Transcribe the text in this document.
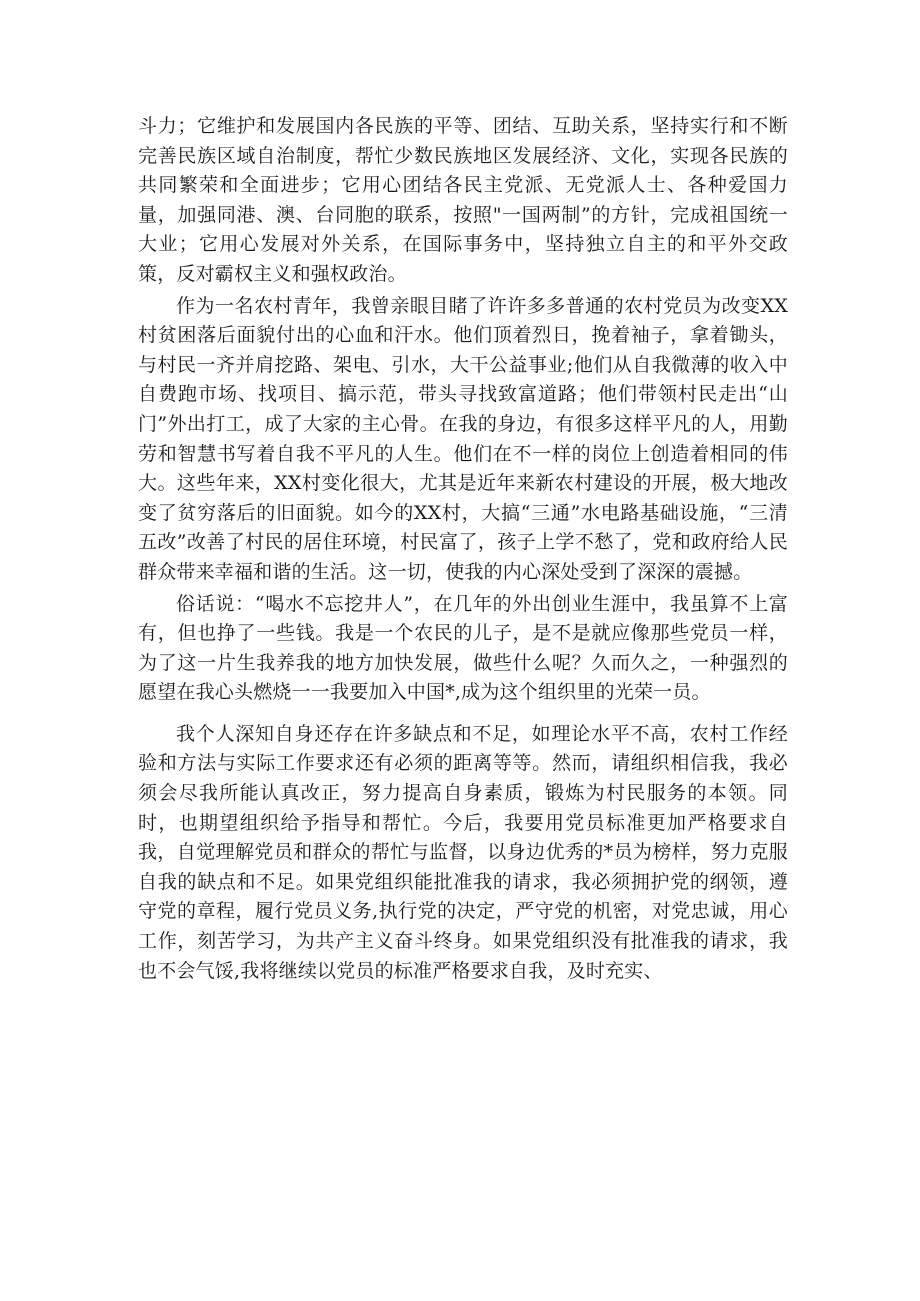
斗力；它维护和发展国内各民族的平等、团结、互助关系，坚持实行和不断完善民族区域自治制度，帮忙少数民族地区发展经济、文化，实现各民族的共同繁荣和全面进步；它用心团结各民主党派、无党派人士、各种爱国力量，加强同港、澳、台同胞的联系，按照"一国两制”的方针，完成祖国统一大业；它用心发展对外关系，在国际事务中，坚持独立自主的和平外交政策，反对霸权主义和强权政治。

作为一名农村青年，我曾亲眼目睹了许许多多普通的农村党员为改变XX村贫困落后面貌付出的心血和汗水。他们顶着烈日，挽着袖子，拿着锄头，与村民一齐并肩挖路、架电、引水，大干公益事业;他们从自我微薄的收入中自费跑市场、找项目、搞示范，带头寻找致富道路；他们带领村民走出“山门”外出打工，成了大家的主心骨。在我的身边，有很多这样平凡的人，用勤劳和智慧书写着自我不平凡的人生。他们在不一样的岗位上创造着相同的伟大。这些年来，XX村变化很大，尤其是近年来新农村建设的开展，极大地改变了贫穷落后的旧面貌。如今的XX村，大搞“三通”水电路基础设施，“三清五改”改善了村民的居住环境，村民富了，孩子上学不愁了，党和政府给人民群众带来幸福和谐的生活。这一切，使我的内心深处受到了深深的震撼。

俗话说：“喝水不忘挖井人”，在几年的外出创业生涯中，我虽算不上富有，但也挣了一些钱。我是一个农民的儿子，是不是就应像那些党员一样，为了这一片生我养我的地方加快发展，做些什么呢？久而久之，一种强烈的愿望在我心头燃烧一一我要加入中国*,成为这个组织里的光荣一员。

我个人深知自身还存在许多缺点和不足，如理论水平不高，农村工作经验和方法与实际工作要求还有必须的距离等等。然而，请组织相信我，我必须会尽我所能认真改正，努力提高自身素质，锻炼为村民服务的本领。同时，也期望组织给予指导和帮忙。今后，我要用党员标准更加严格要求自我，自觉理解党员和群众的帮忙与监督，以身边优秀的*员为榜样，努力克服自我的缺点和不足。如果党组织能批准我的请求，我必须拥护党的纲领，遵守党的章程，履行党员义务,执行党的决定，严守党的机密，对党忠诚，用心工作，刻苦学习，为共产主义奋斗终身。如果党组织没有批准我的请求，我也不会气馁,我将继续以党员的标准严格要求自我，及时充实、
